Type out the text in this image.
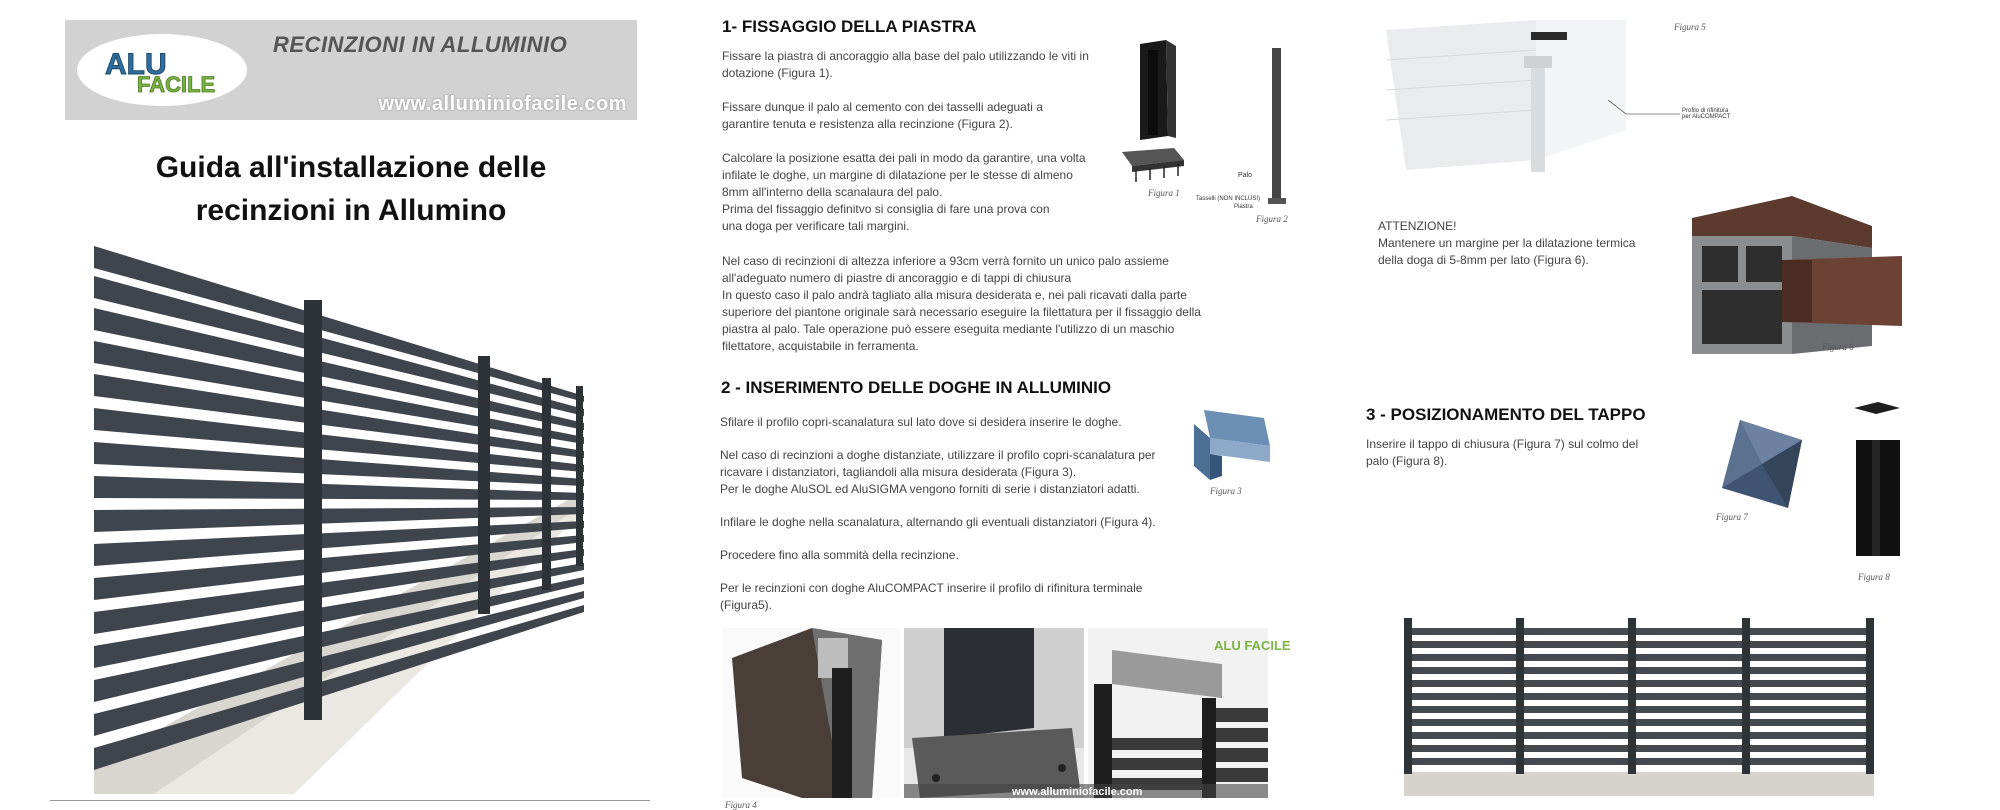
ALU
FACILE
RECINZIONI IN ALLUMINIO
www.alluminiofacile.com
Guida all'installazione delle
recinzioni in Allumino
1- FISSAGGIO DELLA PIASTRA
Fissare la piastra di ancoraggio alla base del palo utilizzando le viti in
dotazione (Figura 1).
Fissare dunque il palo al cemento con dei tasselli adeguati a
garantire tenuta e resistenza alla recinzione (Figura 2).
Calcolare la posizione esatta dei pali in modo da garantire, una volta
infilate le doghe, un margine di dilatazione per le stesse di almeno
8mm all'interno della scanalaura del palo.
Prima del fissaggio definitvo si consiglia di fare una prova con
una doga per verificare tali margini.
Nel caso di recinzioni di altezza inferiore a 93cm verrà fornito un unico palo assieme
all'adeguato numero di piastre di ancoraggio e di tappi di chiusura
In questo caso il palo andrà tagliato alla misura desiderata e, nei pali ricavati dalla parte
superiore del piantone originale sarà necessario eseguire la filettatura per il fissaggio della
piastra al palo. Tale operazione può essere eseguita mediante l'utilizzo di un maschio
filettatore, acquistabile in ferramenta.
Figura 1
Palo
Tasselli (NON INCLUSI)
Piastra
Figura 2
2 - INSERIMENTO DELLE DOGHE IN ALLUMINIO
Sfilare il profilo copri-scanalatura sul lato dove si desidera inserire le doghe.
Nel caso di recinzioni a doghe distanziate, utilizzare il profilo copri-scanalatura per
ricavare i distanziatori, tagliandoli alla misura desiderata (Figura 3).
Per le doghe AluSOL ed AluSIGMA vengono forniti di serie i distanziatori adatti.
Infilare le doghe nella scanalatura, alternando gli eventuali distanziatori (Figura 4).
Procedere fino alla sommità della recinzione.
Per le recinzioni con doghe AluCOMPACT inserire il profilo di rifinitura terminale
(Figura5).
Figura 3
ALU FACILE
www.alluminiofacile.com
Figura 4
Figura 5
Profilo di rifinitura
per AluCOMPACT
ATTENZIONE!
Mantenere un margine per la dilatazione termica
della doga di 5-8mm per lato (Figura 6).
Figura 6
3 - POSIZIONAMENTO DEL TAPPO
Inserire il tappo di chiusura (Figura 7) sul colmo del
palo (Figura 8).
Figura 7
Figura 8
